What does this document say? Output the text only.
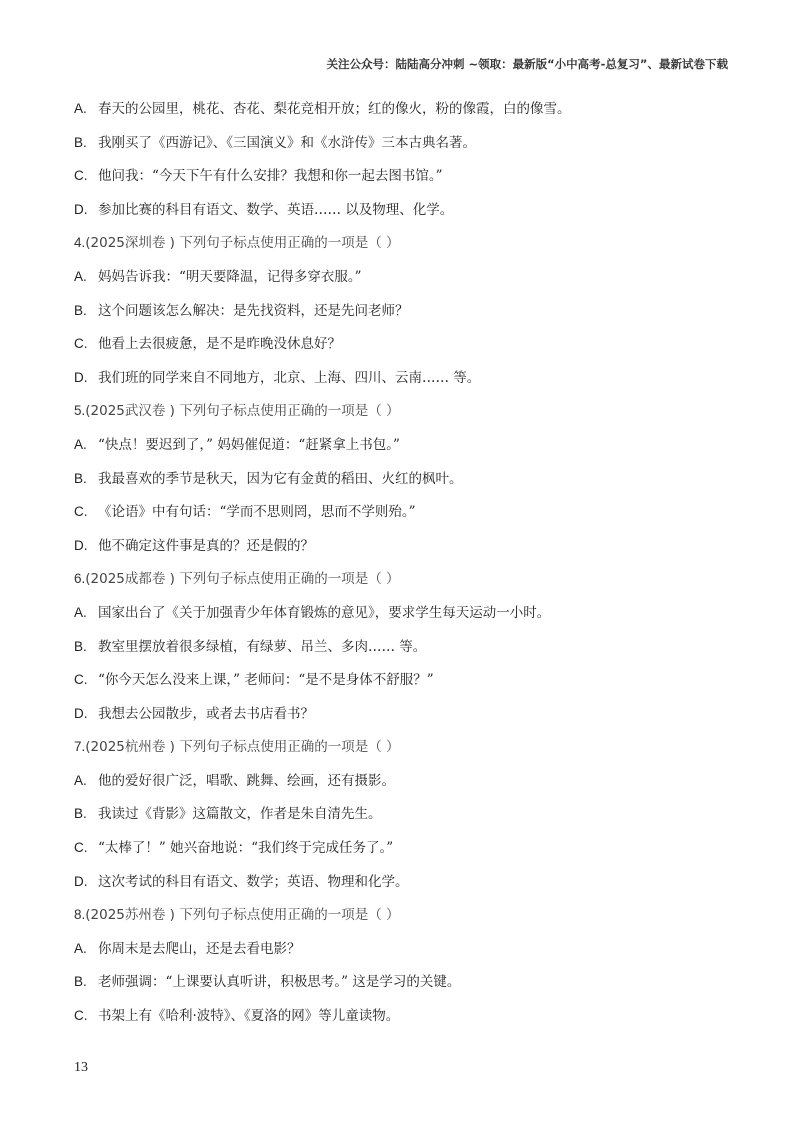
关注公众号：陆陆高分冲刺 ~领取：最新版“小中高考-总复习”、最新试卷下载
A. 春天的公园里，桃花、杏花、梨花竞相开放；红的像火，粉的像霞，白的像雪。
B. 我刚买了《西游记》、《三国演义》和《水浒传》三本古典名著。
C. 他问我：“今天下午有什么安排？我想和你一起去图书馆。”
D. 参加比赛的科目有语文、数学、英语…… 以及物理、化学。
4.(2025深圳卷 ) 下列句子标点使用正确的一项是（ ）
A. 妈妈告诉我：“明天要降温，记得多穿衣服。”
B. 这个问题该怎么解决：是先找资料，还是先问老师？
C. 他看上去很疲惫，是不是昨晚没休息好？
D. 我们班的同学来自不同地方，北京、上海、四川、云南…… 等。
5.(2025武汉卷 ) 下列句子标点使用正确的一项是（ ）
A. “快点！要迟到了，” 妈妈催促道：“赶紧拿上书包。”
B. 我最喜欢的季节是秋天，因为它有金黄的稻田、火红的枫叶。
C. 《论语》中有句话：“学而不思则罔，思而不学则殆。”
D. 他不确定这件事是真的？还是假的？
6.(2025成都卷 ) 下列句子标点使用正确的一项是（ ）
A. 国家出台了《关于加强青少年体育锻炼的意见》，要求学生每天运动一小时。
B. 教室里摆放着很多绿植，有绿萝、吊兰、多肉…… 等。
C. “你今天怎么没来上课，” 老师问：“是不是身体不舒服？”
D. 我想去公园散步，或者去书店看书？
7.(2025杭州卷 ) 下列句子标点使用正确的一项是（ ）
A. 他的爱好很广泛，唱歌、跳舞、绘画，还有摄影。
B. 我读过《背影》这篇散文，作者是朱自清先生。
C. “太棒了！” 她兴奋地说：“我们终于完成任务了。”
D. 这次考试的科目有语文、数学；英语、物理和化学。
8.(2025苏州卷 ) 下列句子标点使用正确的一项是（ ）
A. 你周末是去爬山，还是去看电影？
B. 老师强调：“上课要认真听讲，积极思考。” 这是学习的关键。
C. 书架上有《哈利·波特》、《夏洛的网》等儿童读物。
13
